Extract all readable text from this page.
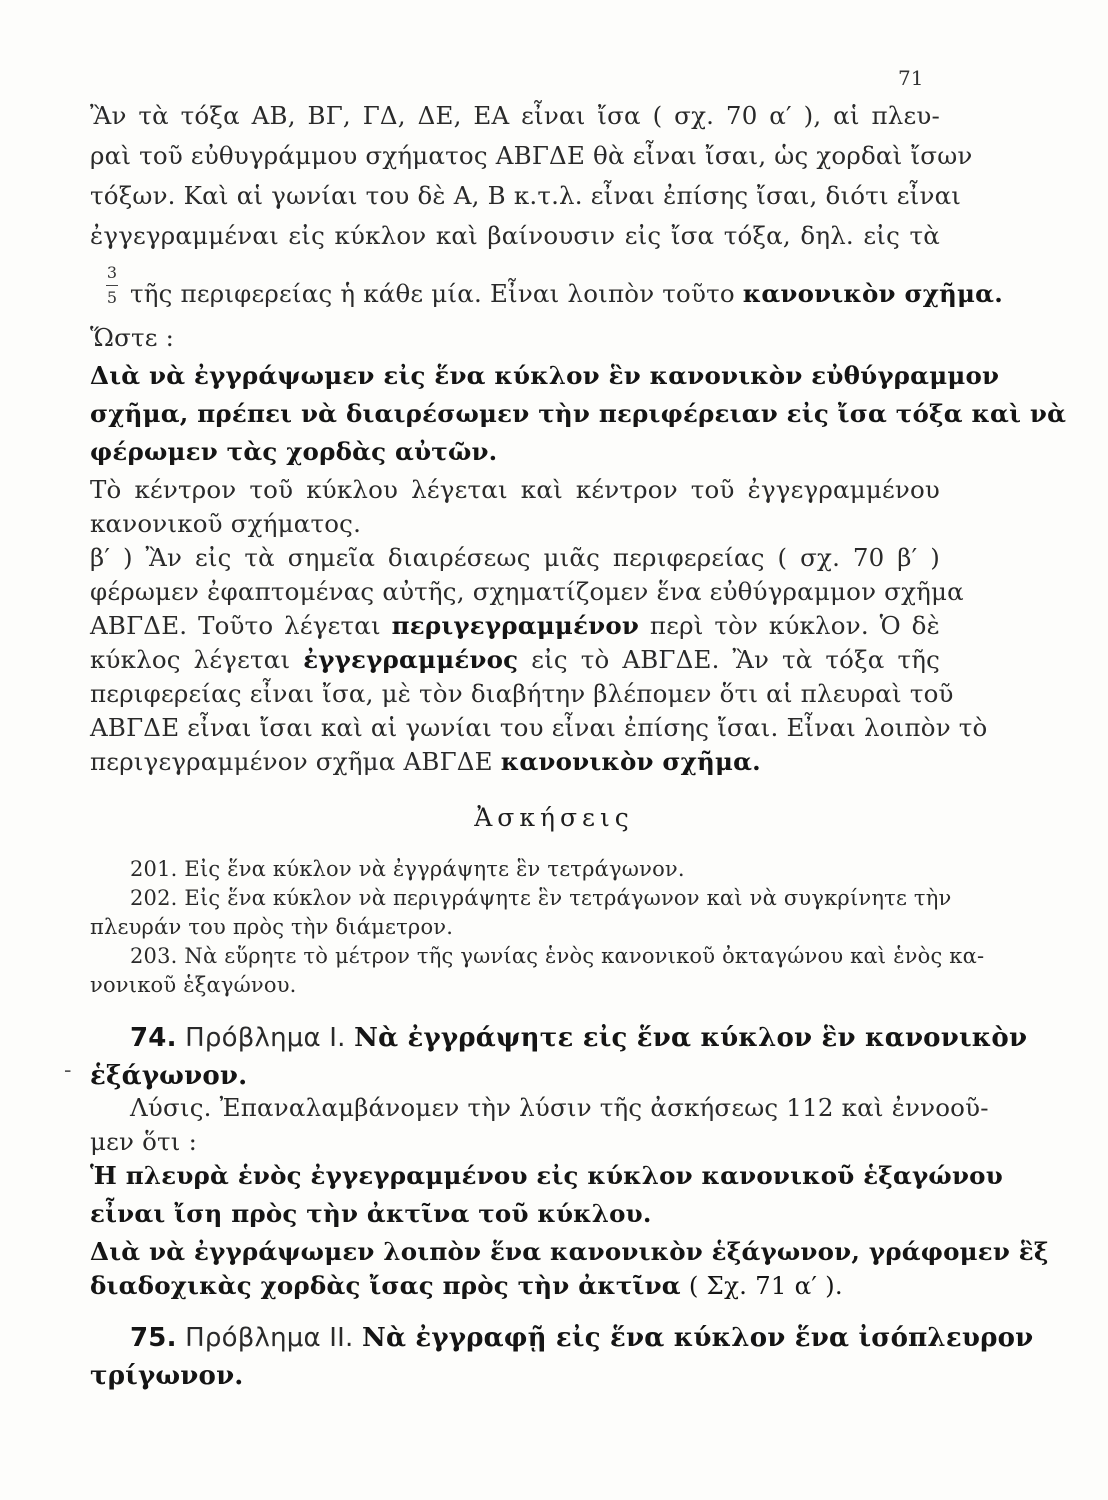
71
Ἂν τὰ τόξα ΑΒ, ΒΓ, ΓΔ, ΔΕ, ΕΑ εἶναι ἴσα ( σχ. 70 α′ ), αἱ πλευ-
ραὶ τοῦ εὐθυγράμμου σχήματος ΑΒΓΔΕ θὰ εἶναι ἴσαι, ὡς χορδαὶ ἴσων
τόξων. Καὶ αἱ γωνίαι του δὲ Α, Β κ.τ.λ. εἶναι ἐπίσης ἴσαι, διότι εἶναι
ἐγγεγραμμέναι εἰς κύκλον καὶ βαίνουσιν εἰς ἴσα τόξα, δηλ. εἰς τὰ
3
5 τῆς περιφερείας ἡ κάθε μία. Εἶναι λοιπὸν τοῦτο κανονικὸν σχῆμα.
Ὥστε :
Διὰ νὰ ἐγγράψωμεν εἰς ἕνα κύκλον ἓν κανονικὸν εὐθύγραμμον
σχῆμα, πρέπει νὰ διαιρέσωμεν τὴν περιφέρειαν εἰς ἴσα τόξα καὶ νὰ
φέρωμεν τὰς χορδὰς αὐτῶν.
Τὸ κέντρον τοῦ κύκλου λέγεται καὶ κέντρον τοῦ ἐγγεγραμμένου
κανονικοῦ σχήματος.
β′ ) Ἂν εἰς τὰ σημεῖα διαιρέσεως μιᾶς περιφερείας ( σχ. 70 β′ )
φέρωμεν ἐφαπτομένας αὐτῆς, σχηματίζομεν ἕνα εὐθύγραμμον σχῆμα
ΑΒΓΔΕ. Τοῦτο λέγεται περιγεγραμμένον περὶ τὸν κύκλον. Ὁ δὲ
κύκλος λέγεται ἐγγεγραμμένος εἰς τὸ ΑΒΓΔΕ. Ἂν τὰ τόξα τῆς
περιφερείας εἶναι ἴσα, μὲ τὸν διαβήτην βλέπομεν ὅτι αἱ πλευραὶ τοῦ
ΑΒΓΔΕ εἶναι ἴσαι καὶ αἱ γωνίαι του εἶναι ἐπίσης ἴσαι. Εἶναι λοιπὸν τὸ
περιγεγραμμένον σχῆμα ΑΒΓΔΕ κανονικὸν σχῆμα.
Ἀσκήσεις
201. Εἰς ἕνα κύκλον νὰ ἐγγράψητε ἓν τετράγωνον.
202. Εἰς ἕνα κύκλον νὰ περιγράψητε ἓν τετράγωνον καὶ νὰ συγκρίνητε τὴν
πλευράν του πρὸς τὴν διάμετρον.
203. Νὰ εὕρητε τὸ μέτρον τῆς γωνίας ἑνὸς κανονικοῦ ὀκταγώνου καὶ ἑνὸς κα-
νονικοῦ ἑξαγώνου.
74. Πρόβλημα I. Νὰ ἐγγράψητε εἰς ἕνα κύκλον ἓν κανονικὸν
- ἑξάγωνον.
Λύσις. Ἐπαναλαμβάνομεν τὴν λύσιν τῆς ἀσκήσεως 112 καὶ ἐννοοῦ-
μεν ὅτι :
Ἡ πλευρὰ ἑνὸς ἐγγεγραμμένου εἰς κύκλον κανονικοῦ ἑξαγώνου
εἶναι ἴση πρὸς τὴν ἀκτῖνα τοῦ κύκλου.
Διὰ νὰ ἐγγράψωμεν λοιπὸν ἕνα κανονικὸν ἑξάγωνον, γράφομεν ἓξ
διαδοχικὰς χορδὰς ἴσας πρὸς τὴν ἀκτῖνα ( Σχ. 71 α′ ).
75. Πρόβλημα II. Νὰ ἐγγραφῇ εἰς ἕνα κύκλον ἕνα ἰσόπλευρον
τρίγωνον.
